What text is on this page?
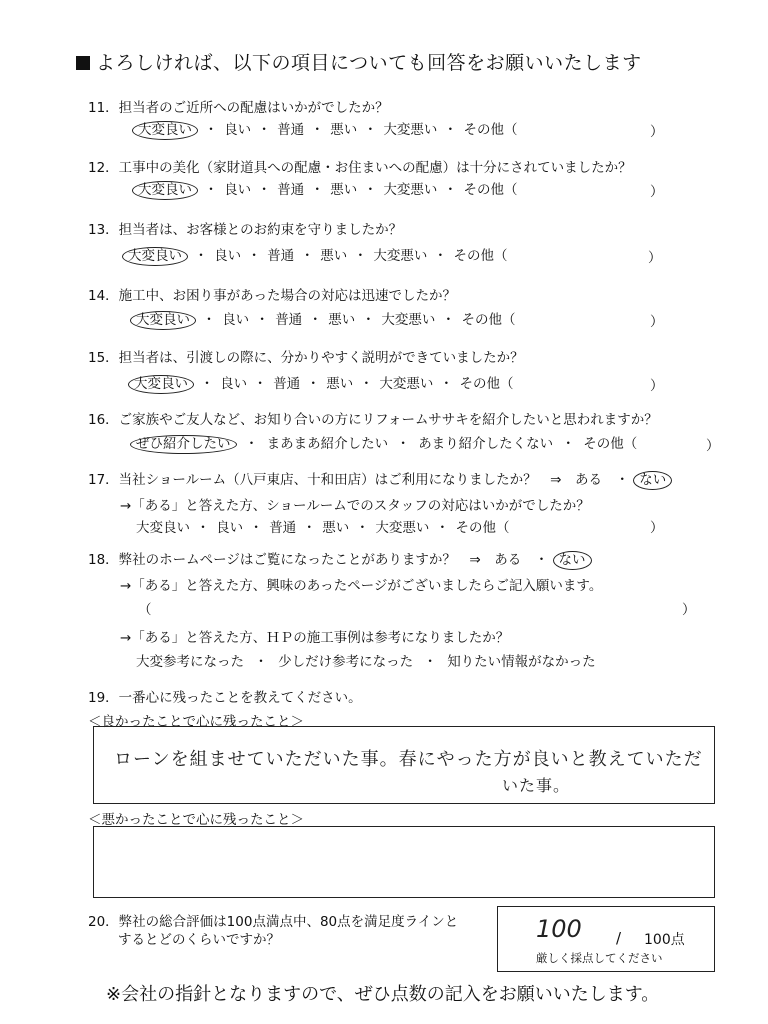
よろしければ、以下の項目についても回答をお願いいたします
11．担当者のご近所への配慮はいかがでしたか？
大変良い ・ 良い ・ 普通 ・ 悪い ・ 大変悪い ・ その他（	）
12．工事中の美化（家財道具への配慮・お住まいへの配慮）は十分にされていましたか？
大変良い ・ 良い ・ 普通 ・ 悪い ・ 大変悪い ・ その他（	）
13．担当者は、お客様とのお約束を守りましたか？
大変良い ・ 良い ・ 普通 ・ 悪い ・ 大変悪い ・ その他（	）
14．施工中、お困り事があった場合の対応は迅速でしたか？
大変良い ・ 良い ・ 普通 ・ 悪い ・ 大変悪い ・ その他（	）
15．担当者は、引渡しの際に、分かりやすく説明ができていましたか？
大変良い ・ 良い ・ 普通 ・ 悪い ・ 大変悪い ・ その他（	）
16．ご家族やご友人など、お知り合いの方にリフォームササキを紹介したいと思われますか？
ぜひ紹介したい ・ まあまあ紹介したい ・ あまり紹介したくない ・ その他（	）
17．当社ショールーム（八戸東店、十和田店）はご利用になりましたか？　⇒　ある　・ ない
→「ある」と答えた方、ショールームでのスタッフの対応はいかがでしたか？
大変良い ・ 良い ・ 普通 ・ 悪い ・ 大変悪い ・ その他（	）
18．弊社のホームページはご覧になったことがありますか？　⇒　ある　・ ない
→「ある」と答えた方、興味のあったページがございましたらご記入願います。
（	）
→「ある」と答えた方、ＨＰの施工事例は参考になりましたか？
大変参考になった ・ 少しだけ参考になった ・ 知りたい情報がなかった
19．一番心に残ったことを教えてください。
＜良かったことで心に残ったこと＞
ローンを組ませていただいた事。春にやった方が良いと教えていただ
いた事。
＜悪かったことで心に残ったこと＞
20．弊社の総合評価は100点満点中、80点を満足度ラインと
するとどのくらいですか？	100 / 100点
厳しく採点してください
※会社の指針となりますので、ぜひ点数の記入をお願いいたします。
